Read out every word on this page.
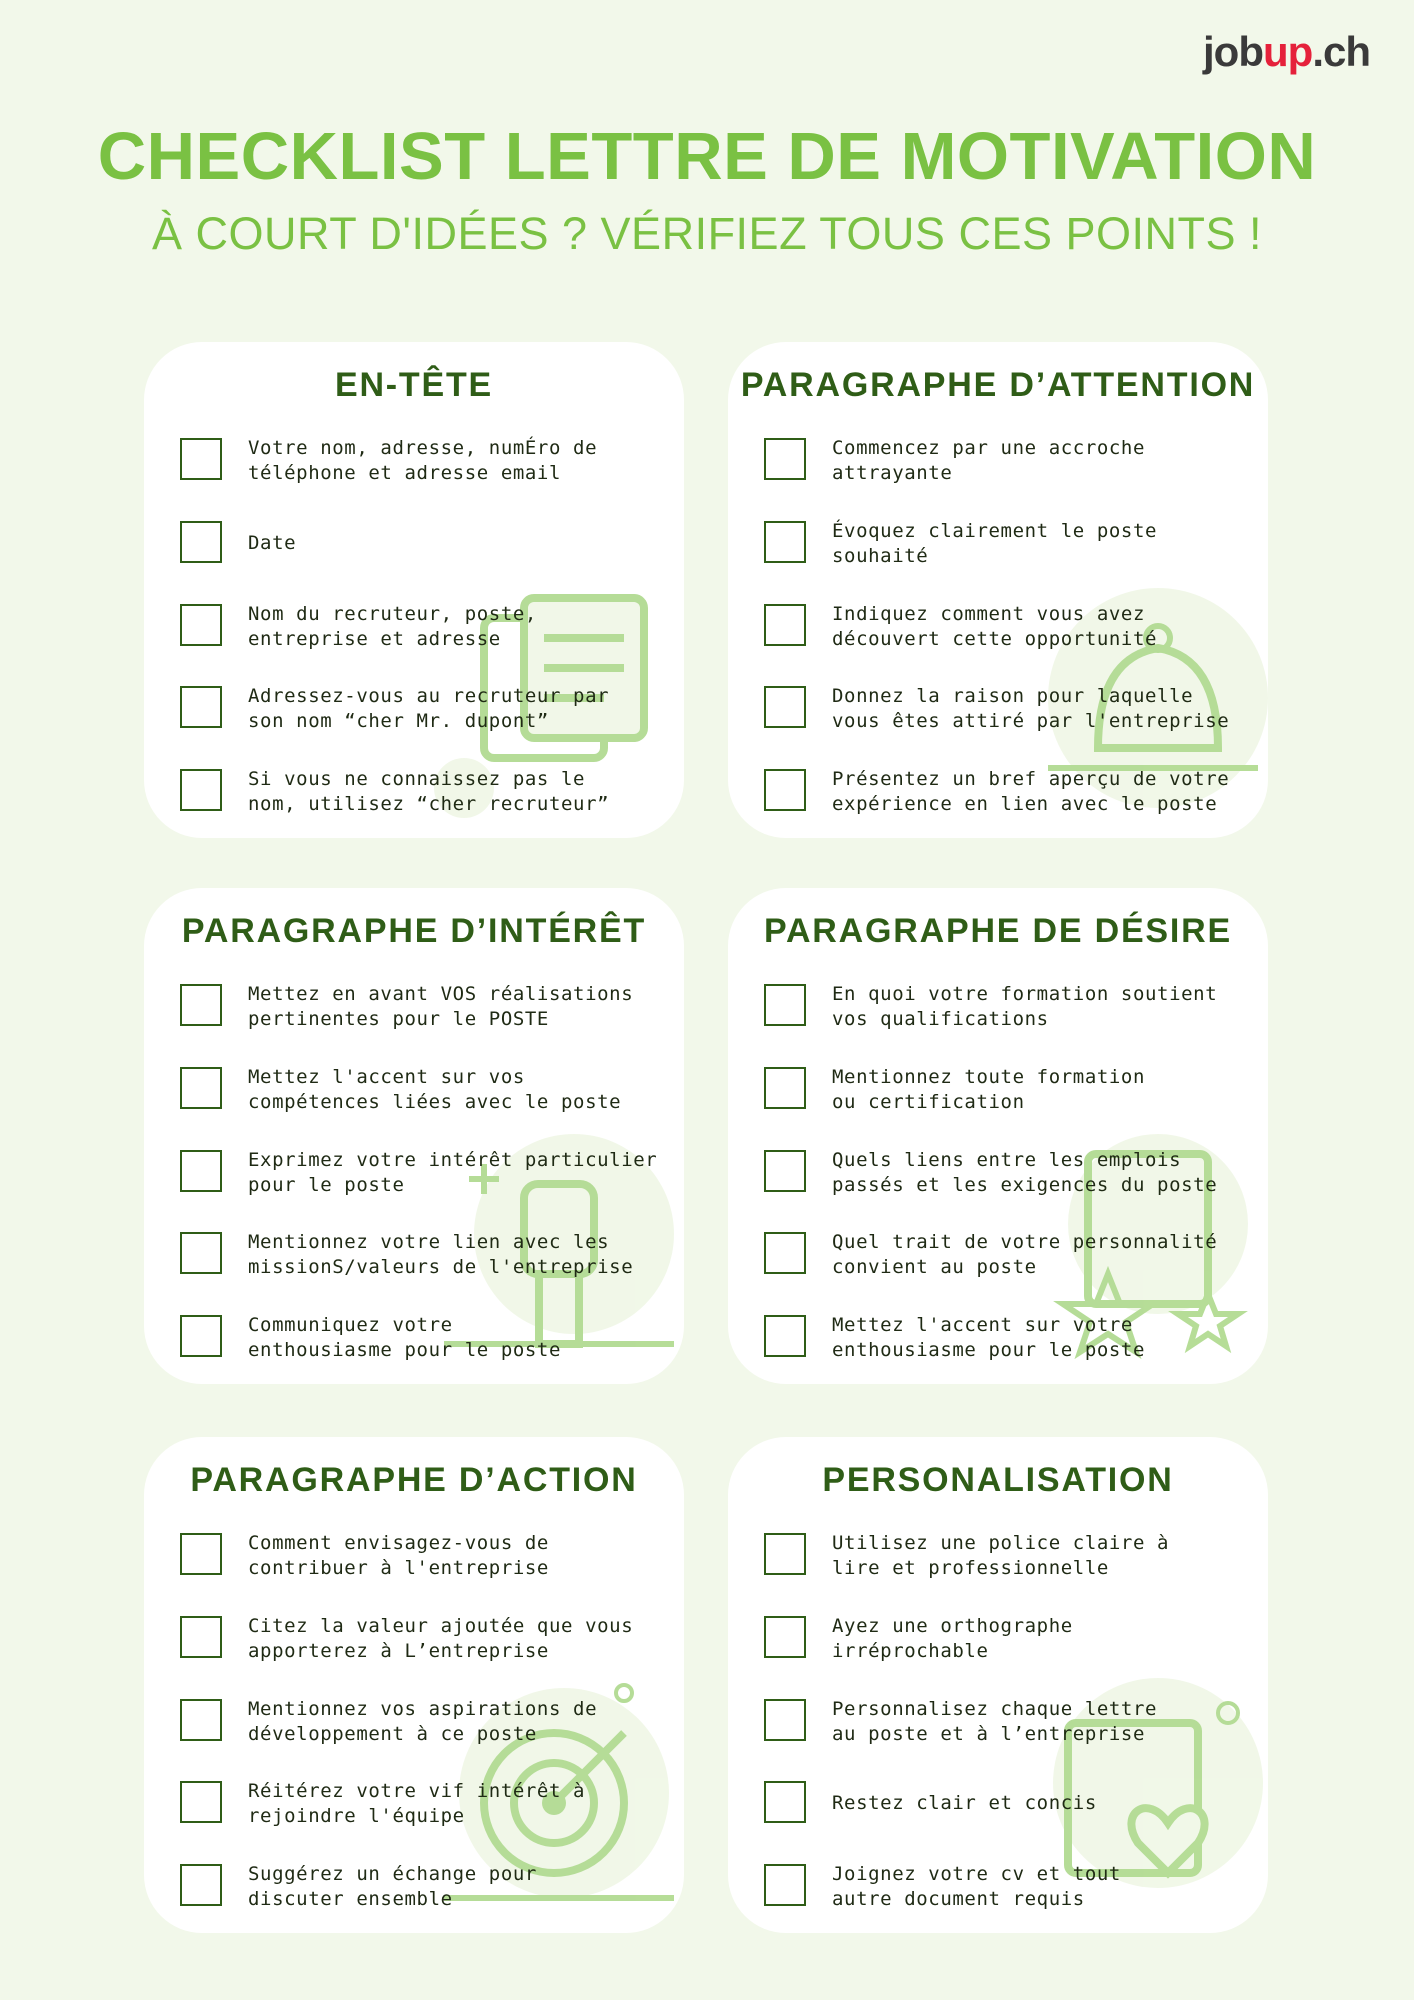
jobup.ch
CHECKLIST LETTRE DE MOTIVATION
À COURT D'IDÉES ? VÉRIFIEZ TOUS CES POINTS !
EN-TÊTE
Votre nom, adresse, numÉro de
téléphone et adresse email
Date
Nom du recruteur, poste,
entreprise et adresse
Adressez-vous au recruteur par
son nom “cher Mr. dupont”
Si vous ne connaissez pas le
nom, utilisez “cher recruteur”
PARAGRAPHE D’ATTENTION
Commencez par une accroche
attrayante
Évoquez clairement le poste
souhaité
Indiquez comment vous avez
découvert cette opportunité
Donnez la raison pour laquelle
vous êtes attiré par l'entreprise
Présentez un bref aperçu de votre
expérience en lien avec le poste
PARAGRAPHE D’INTÉRÊT
Mettez en avant VOS réalisations
pertinentes pour le POSTE
Mettez l'accent sur vos
compétences liées avec le poste
Exprimez votre intérêt particulier
pour le poste
Mentionnez votre lien avec les
missionS/valeurs de l'entreprise
Communiquez votre
enthousiasme pour le poste
PARAGRAPHE DE DÉSIRE
En quoi votre formation soutient
vos qualifications
Mentionnez toute formation
ou certification
Quels liens entre les emplois
passés et les exigences du poste
Quel trait de votre personnalité
convient au poste
Mettez l'accent sur votre
enthousiasme pour le poste
PARAGRAPHE D’ACTION
Comment envisagez-vous de
contribuer à l'entreprise
Citez la valeur ajoutée que vous
apporterez à L’entreprise
Mentionnez vos aspirations de
développement à ce poste
Réitérez votre vif intérêt à
rejoindre l'équipe
Suggérez un échange pour
discuter ensemble
PERSONALISATION
Utilisez une police claire à
lire et professionnelle
Ayez une orthographe
irréprochable
Personnalisez chaque lettre
au poste et à l’entreprise
Restez clair et concis
Joignez votre cv et tout
autre document requis
